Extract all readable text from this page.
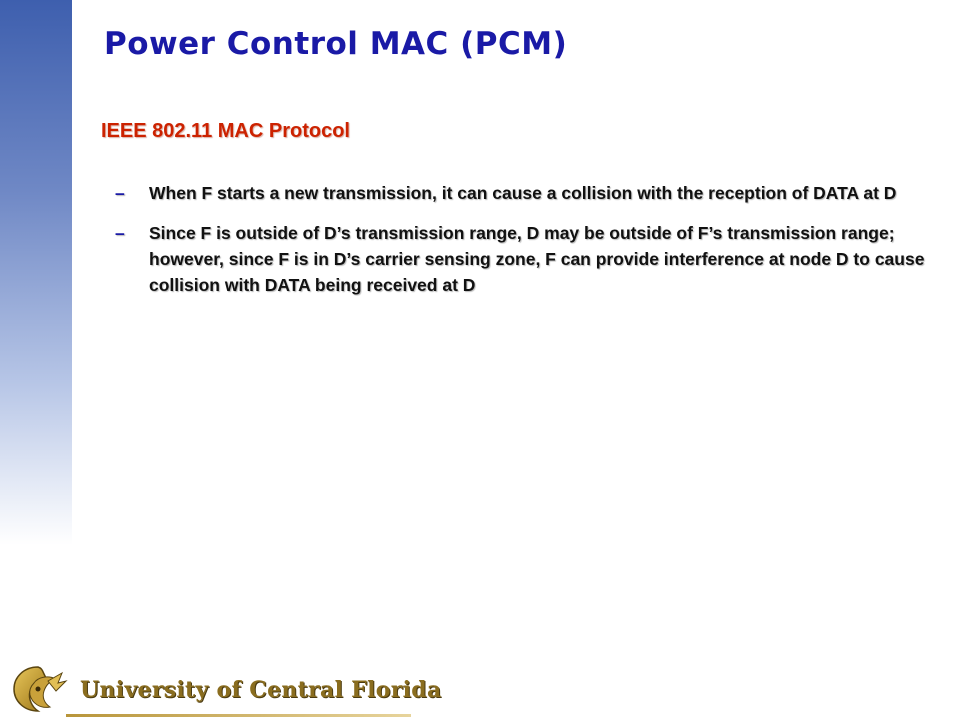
Power Control MAC (PCM)
IEEE 802.11 MAC Protocol
– When F starts a new transmission, it can cause a collision with the reception of DATA at D
– Since F is outside of D’s transmission range, D may be outside of F’s transmission range; however, since F is in D’s carrier sensing zone, F can provide interference at node D to cause collision with DATA being received at D
University of Central Florida
